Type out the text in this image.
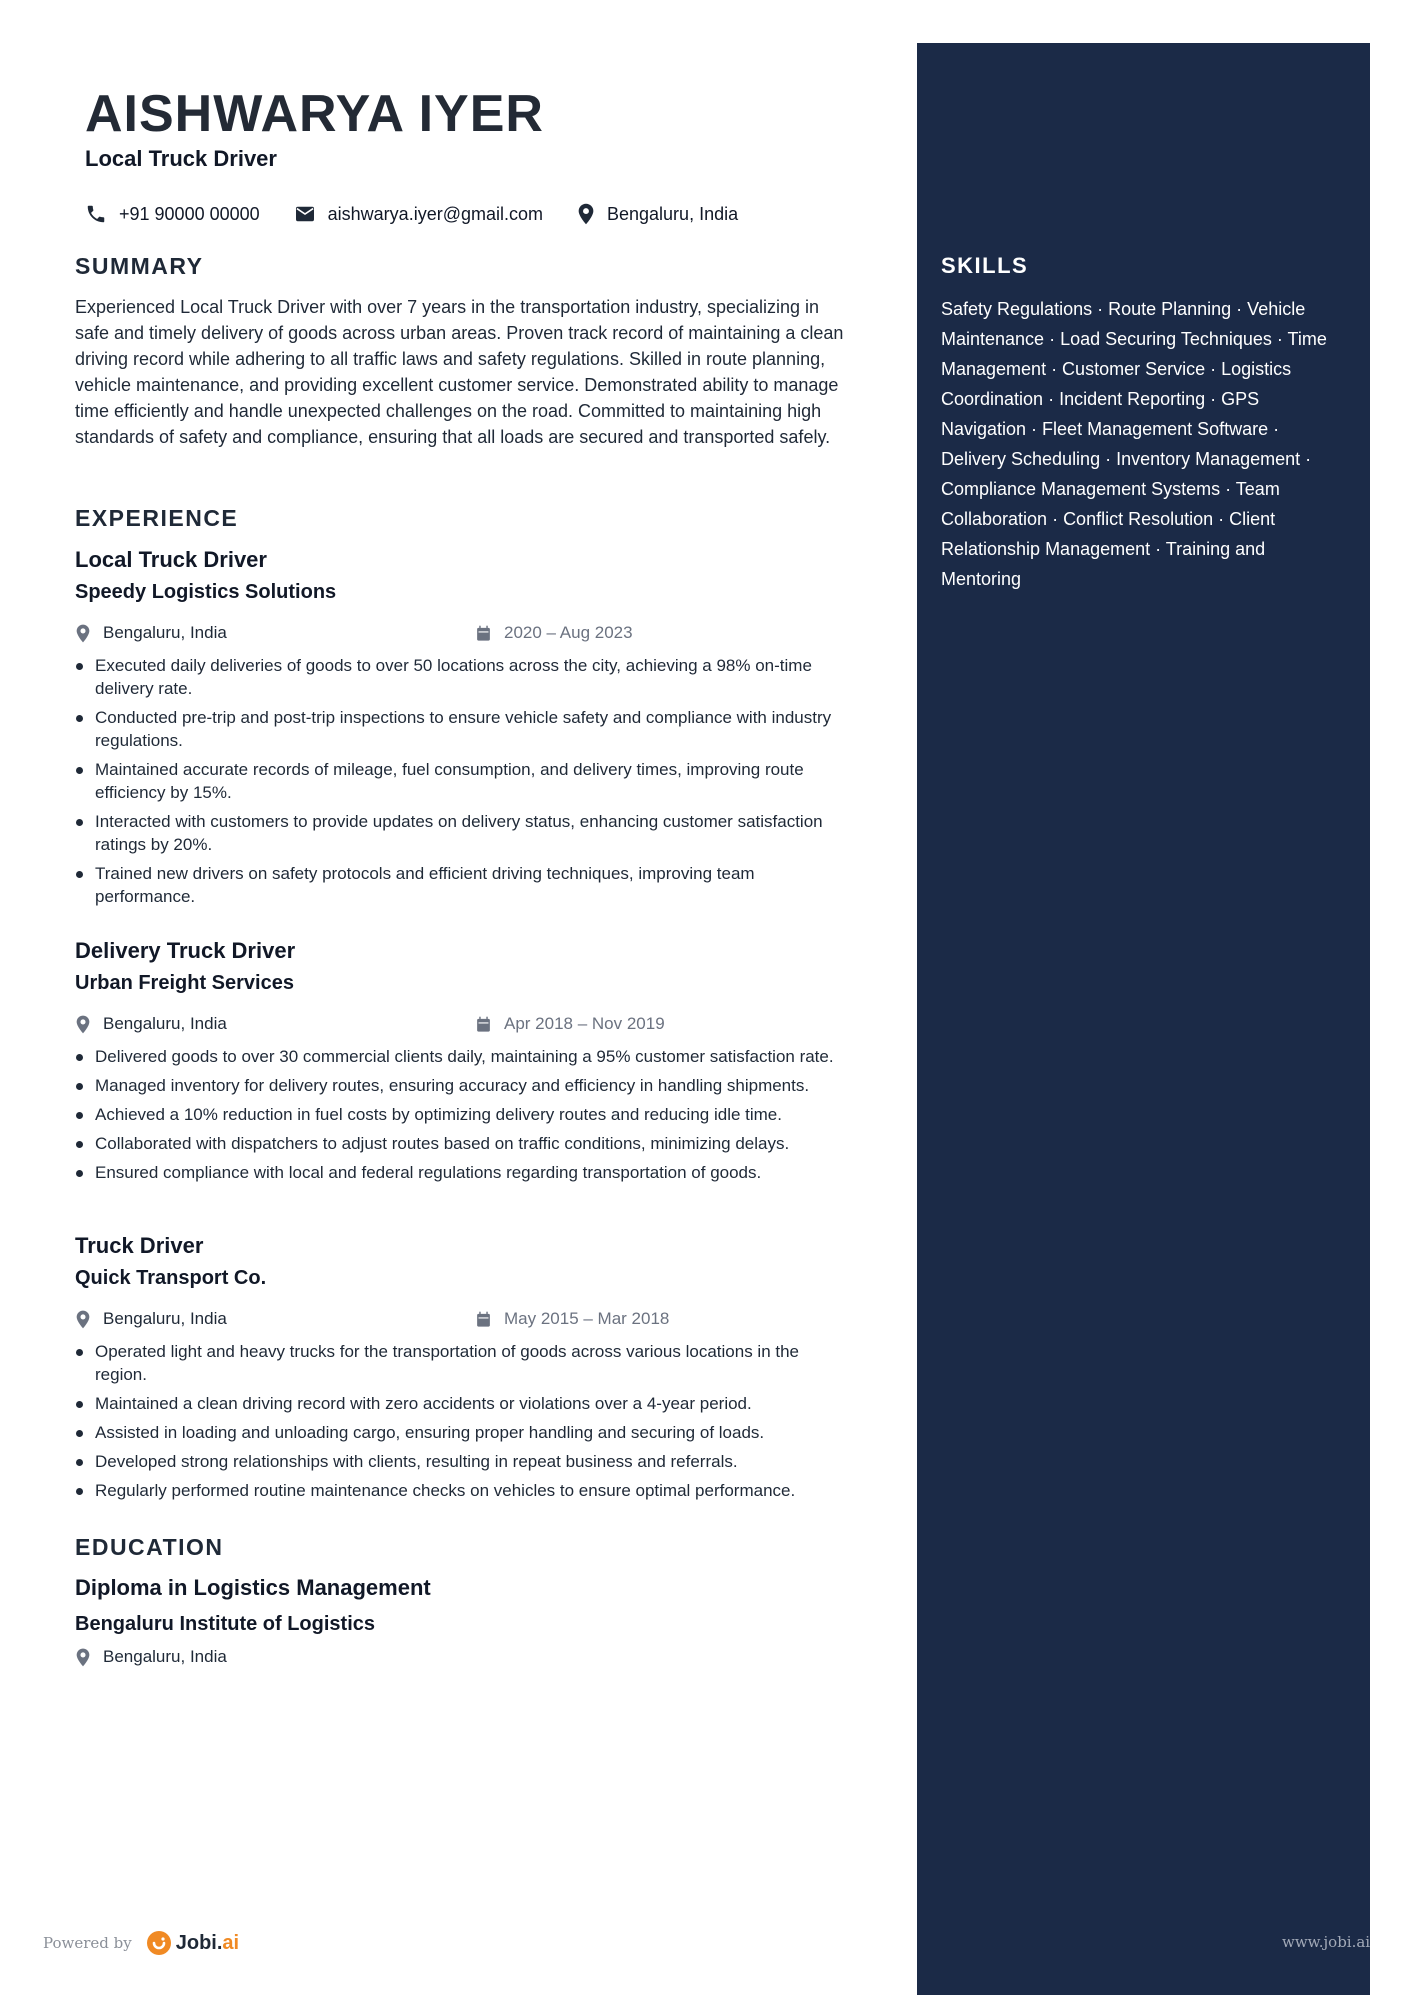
AISHWARYA IYER
Local Truck Driver
+91 90000 00000	aishwarya.iyer@gmail.com	Bengaluru, India
SUMMARY

Experienced Local Truck Driver with over 7 years in the transportation industry, specializing in safe and timely delivery of goods across urban areas. Proven track record of maintaining a clean driving record while adhering to all traffic laws and safety regulations. Skilled in route planning, vehicle maintenance, and providing excellent customer service. Demonstrated ability to manage time efficiently and handle unexpected challenges on the road. Committed to maintaining high standards of safety and compliance, ensuring that all loads are secured and transported safely.

EXPERIENCE
Local Truck Driver
Speedy Logistics Solutions
Bengaluru, India	2020 – Aug 2023
Executed daily deliveries of goods to over 50 locations across the city, achieving a 98% on-time delivery rate.
Conducted pre-trip and post-trip inspections to ensure vehicle safety and compliance with industry regulations.
Maintained accurate records of mileage, fuel consumption, and delivery times, improving route efficiency by 15%.
Interacted with customers to provide updates on delivery status, enhancing customer satisfaction ratings by 20%.
Trained new drivers on safety protocols and efficient driving techniques, improving team performance.
Delivery Truck Driver
Urban Freight Services
Bengaluru, India	Apr 2018 – Nov 2019
Delivered goods to over 30 commercial clients daily, maintaining a 95% customer satisfaction rate.
Managed inventory for delivery routes, ensuring accuracy and efficiency in handling shipments.
Achieved a 10% reduction in fuel costs by optimizing delivery routes and reducing idle time.
Collaborated with dispatchers to adjust routes based on traffic conditions, minimizing delays.
Ensured compliance with local and federal regulations regarding transportation of goods.
Truck Driver
Quick Transport Co.
Bengaluru, India	May 2015 – Mar 2018
Operated light and heavy trucks for the transportation of goods across various locations in the region.
Maintained a clean driving record with zero accidents or violations over a 4-year period.
Assisted in loading and unloading cargo, ensuring proper handling and securing of loads.
Developed strong relationships with clients, resulting in repeat business and referrals.
Regularly performed routine maintenance checks on vehicles to ensure optimal performance.
EDUCATION
Diploma in Logistics Management
Bengaluru Institute of Logistics
Bengaluru, India
SKILLS

Safety Regulations · Route Planning · Vehicle Maintenance · Load Securing Techniques · Time Management · Customer Service · Logistics Coordination · Incident Reporting · GPS Navigation · Fleet Management Software · Delivery Scheduling · Inventory Management · Compliance Management Systems · Team Collaboration · Conflict Resolution · Client Relationship Management · Training and Mentoring

Powered by Jobi.ai	www.jobi.ai
